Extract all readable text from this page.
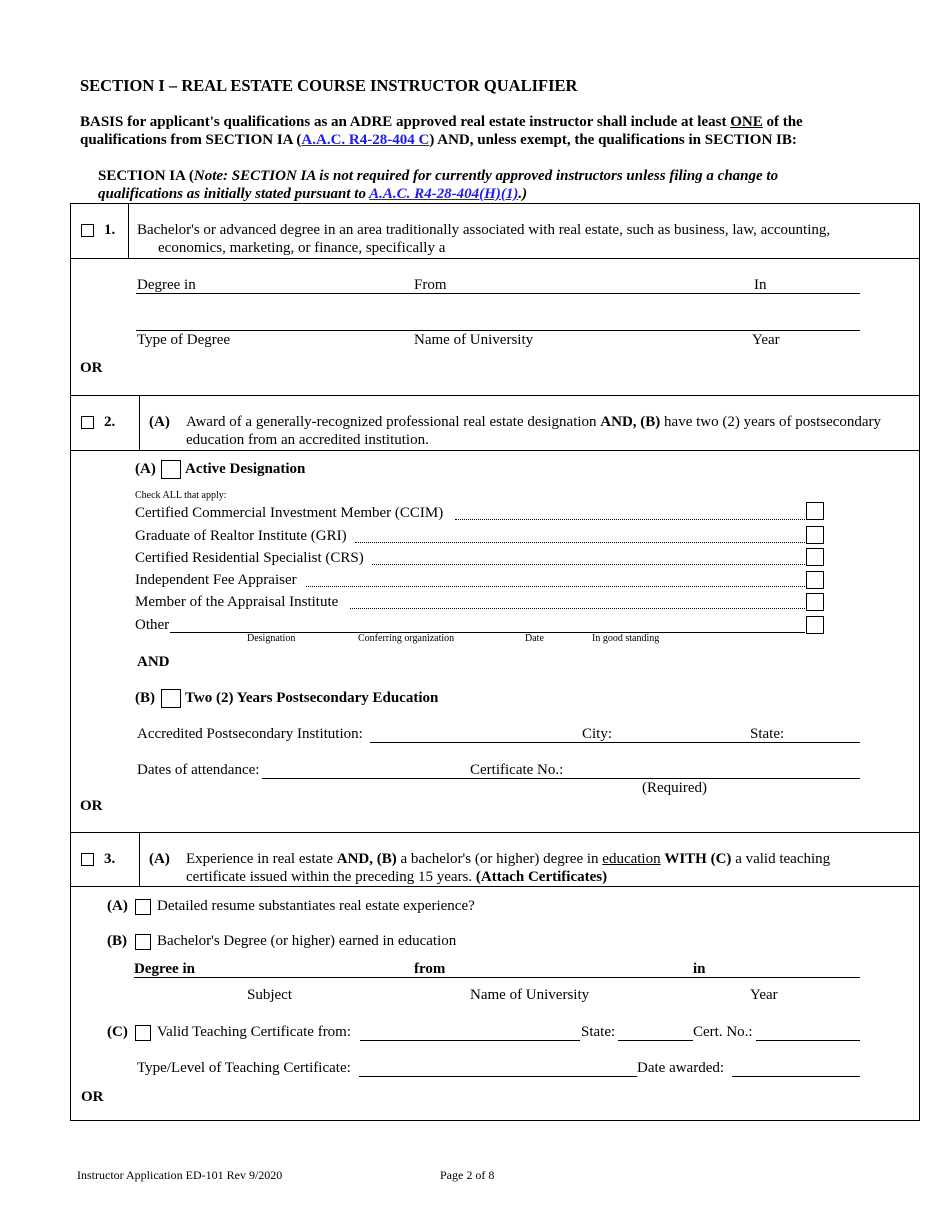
SECTION I – REAL ESTATE COURSE INSTRUCTOR QUALIFIER
BASIS for applicant's qualifications as an ADRE approved real estate instructor shall include at least ONE of the
qualifications from SECTION IA (A.A.C. R4-28-404 C) AND, unless exempt, the qualifications in SECTION IB:
SECTION IA (Note: SECTION IA is not required for currently approved instructors unless filing a change to
qualifications as initially stated pursuant to A.A.C. R4-28-404(H)(1).)
1. Bachelor's or advanced degree in an area traditionally associated with real estate, such as business, law, accounting,
economics, marketing, or finance, specifically a
Degree in	From	In
Type of Degree	Name of University	Year
OR
2. (A) Award of a generally-recognized professional real estate designation AND, (B) have two (2) years of postsecondary
education from an accredited institution.
(A) Active Designation
Check ALL that apply:
Certified Commercial Investment Member (CCIM)
Graduate of Realtor Institute (GRI)
Certified Residential Specialist (CRS)
Independent Fee Appraiser
Member of the Appraisal Institute
Other
Designation	Conferring organization	Date	In good standing
AND
(B) Two (2) Years Postsecondary Education
Accredited Postsecondary Institution:	City:	State:
Dates of attendance:	Certificate No.:
(Required)
OR
3. (A) Experience in real estate AND, (B) a bachelor's (or higher) degree in education WITH (C) a valid teaching
certificate issued within the preceding 15 years. (Attach Certificates)
(A) Detailed resume substantiates real estate experience?
(B) Bachelor's Degree (or higher) earned in education
Degree in	from	in
Subject	Name of University	Year
(C) Valid Teaching Certificate from:	State:	Cert. No.:
Type/Level of Teaching Certificate:	Date awarded:
OR
Instructor Application ED-101 Rev 9/2020	Page 2 of 8
